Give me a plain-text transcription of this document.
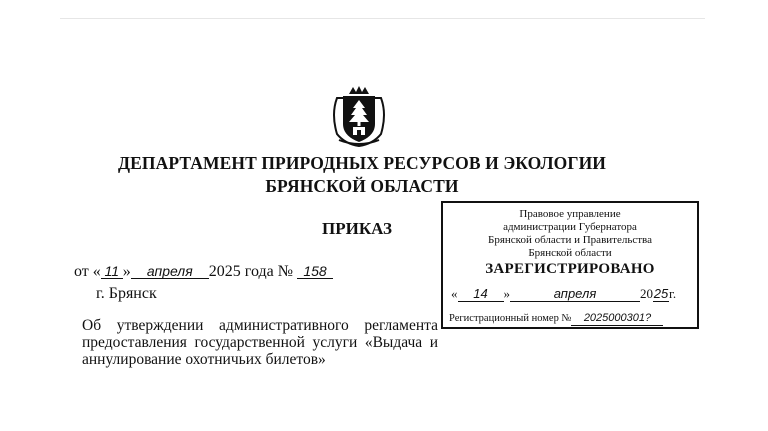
ДЕПАРТАМЕНТ ПРИРОДНЫХ РЕСУРСОВ И ЭКОЛОГИИ
БРЯНСКОЙ ОБЛАСТИ
ПРИКАЗ
от « 11 » апреля 2025 года № 158
г. Брянск
Об утверждении административного регламента предоставления государственной услуги «Выдача и аннулирование охотничьих билетов»
Правовое управление
администрации Губернатора
Брянской области и Правительства
Брянской области
ЗАРЕГИСТРИРОВАНО
« 14 »	апреля	2025г.
Регистрационный номер № 2025000301?
